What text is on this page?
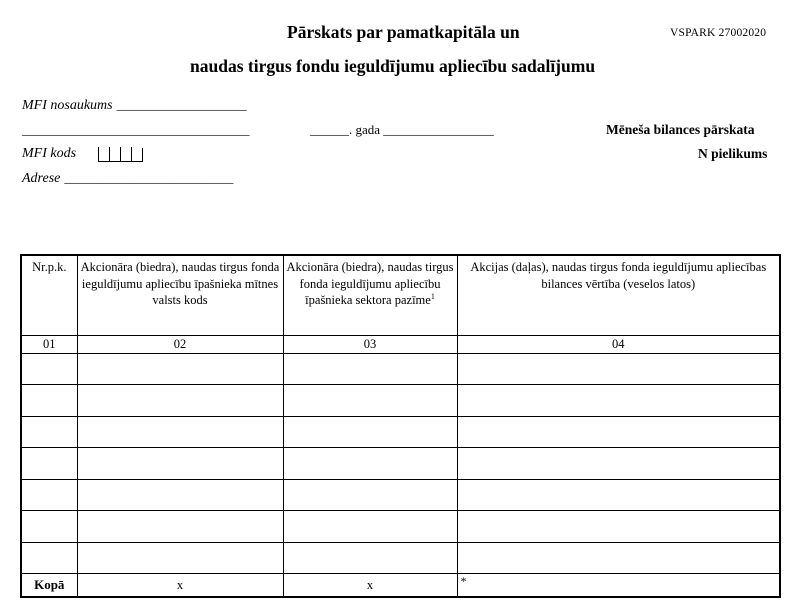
Pārskats par pamatkapitāla un	VSPARK 27002020
naudas tirgus fondu ieguldījumu apliecību sadalījumu
MFI nosaukums ____________________
___________________________________	______. gada _________________	Mēneša bilances pārskata
N pielikums
MFI kods
Adrese __________________________
Nr.p.k.	Akcionāra (biedra), naudas tirgus fonda ieguldījumu apliecību īpašnieka mītnes valsts kods	Akcionāra (biedra), naudas tirgus fonda ieguldījumu apliecību īpašnieka sektora pazīme$^1$	Akcijas (daļas), naudas tirgus fonda ieguldījumu apliecības bilances vērtība (veselos latos)
01	02	03	04

Kopā	x	x	*
